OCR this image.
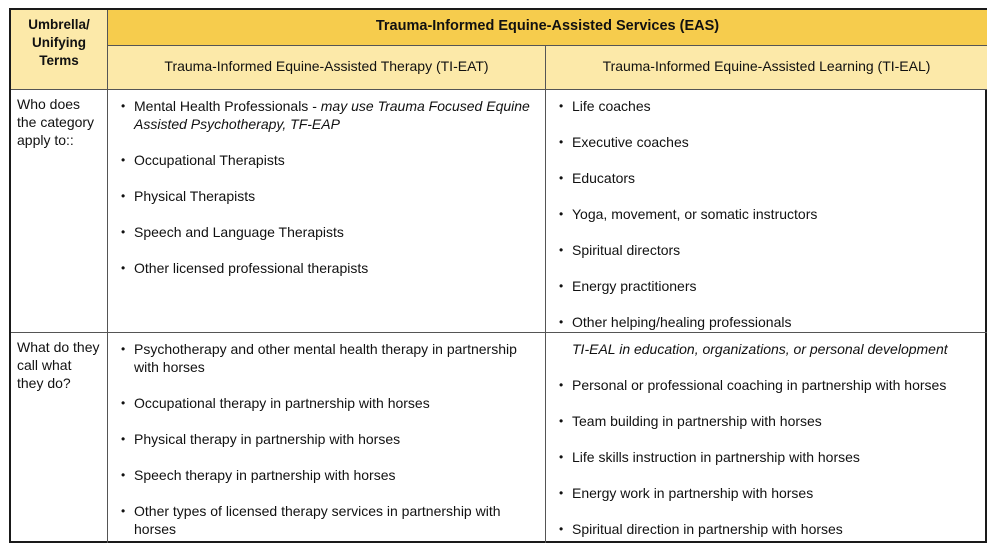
Umbrella/ Unifying Terms
Trauma-Informed Equine-Assisted Services (EAS)
Trauma-Informed Equine-Assisted Therapy (TI-EAT)	Trauma-Informed Equine-Assisted Learning (TI-EAL)
Who does the category apply to::
• Mental Health Professionals - may use Trauma Focused Equine Assisted Psychotherapy, TF-EAP
• Occupational Therapists
• Physical Therapists
• Speech and Language Therapists
• Other licensed professional therapists
• Life coaches
• Executive coaches
• Educators
• Yoga, movement, or somatic instructors
• Spiritual directors
• Energy practitioners
• Other helping/healing professionals
What do they call what they do?
• Psychotherapy and other mental health therapy in partnership with horses
• Occupational therapy in partnership with horses
• Physical therapy in partnership with horses
• Speech therapy in partnership with horses
• Other types of licensed therapy services in partnership with horses
TI-EAL in education, organizations, or personal development
• Personal or professional coaching in partnership with horses
• Team building in partnership with horses
• Life skills instruction in partnership with horses
• Energy work in partnership with horses
• Spiritual direction in partnership with horses
